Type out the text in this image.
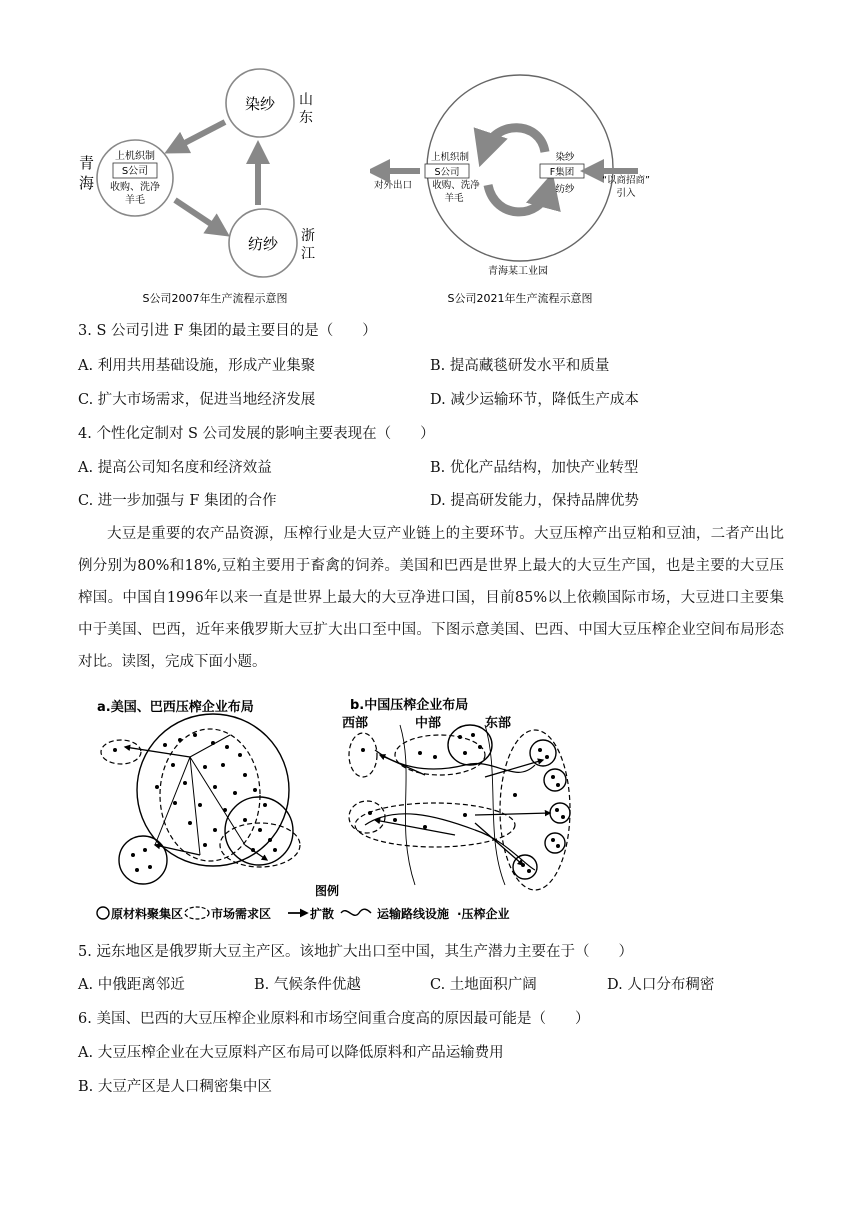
染纱 山
东
纺纱 浙
江
上机织制
S公司
收购、洗净
羊毛
青
海
S公司2007年生产流程示意图
青海某工业园
上机织制
S公司
对外出口 收购、洗净
羊毛
染纱
F集团
纺纱
“以商招商”
引入
S公司2021年生产流程示意图
3. S 公司引进 F 集团的最主要目的是（　　）
A. 利用共用基础设施，形成产业集聚	B. 提高藏毯研发水平和质量
C. 扩大市场需求，促进当地经济发展	D. 减少运输环节，降低生产成本
4. 个性化定制对 S 公司发展的影响主要表现在（　　）
A. 提高公司知名度和经济效益	B. 优化产品结构，加快产业转型
C. 进一步加强与 F 集团的合作	D. 提高研发能力，保持品牌优势
大豆是重要的农产品资源，压榨行业是大豆产业链上的主要环节。大豆压榨产出豆粕和豆油，二者产出比例分别为80%和18%,豆粕主要用于畜禽的饲养。美国和巴西是世界上最大的大豆生产国，也是主要的大豆压榨国。中国自1996年以来一直是世界上最大的大豆净进口国，目前85%以上依赖国际市场，大豆进口主要集中于美国、巴西，近年来俄罗斯大豆扩大出口至中国。下图示意美国、巴西、中国大豆压榨企业空间布局形态对比。读图，完成下面小题。
a.美国、巴西压榨企业布局	b.中国压榨企业布局
西部	中部	东部
图例
原材料聚集区 市场需求区	扩散	运输路线设施 ·压榨企业
5. 远东地区是俄罗斯大豆主产区。该地扩大出口至中国，其生产潜力主要在于（　　）
A. 中俄距离邻近	B. 气候条件优越	C. 土地面积广阔	D. 人口分布稠密
6. 美国、巴西的大豆压榨企业原料和市场空间重合度高的原因最可能是（　　）
A. 大豆压榨企业在大豆原料产区布局可以降低原料和产品运输费用
B. 大豆产区是人口稠密集中区
